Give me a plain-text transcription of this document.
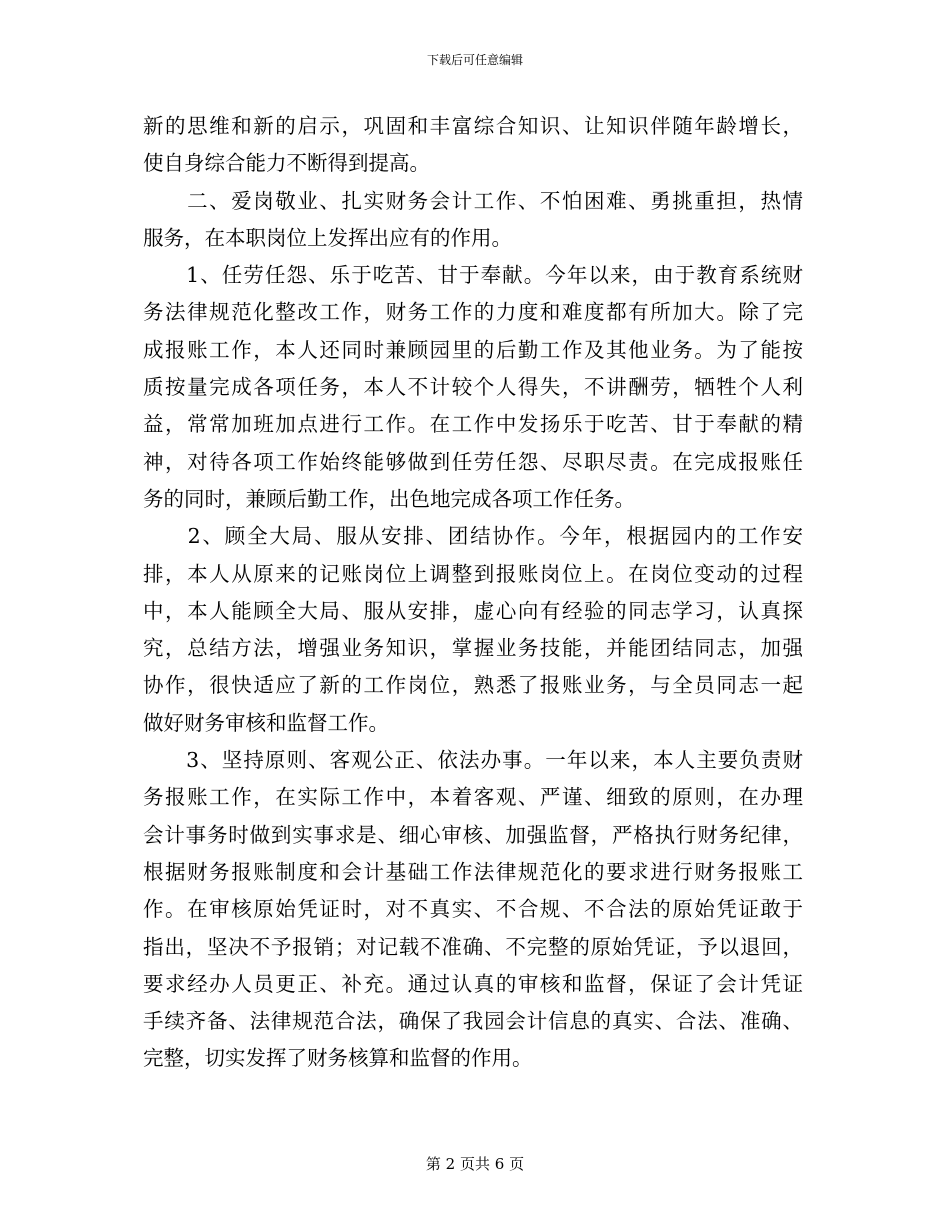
下载后可任意编辑
新的思维和新的启示，巩固和丰富综合知识、让知识伴随年龄增长，
使自身综合能力不断得到提高。
　　二、爱岗敬业、扎实财务会计工作、不怕困难、勇挑重担，热情
服务，在本职岗位上发挥出应有的作用。
　　1、任劳任怨、乐于吃苦、甘于奉献。今年以来，由于教育系统财
务法律规范化整改工作，财务工作的力度和难度都有所加大。除了完
成报账工作，本人还同时兼顾园里的后勤工作及其他业务。为了能按
质按量完成各项任务，本人不计较个人得失，不讲酬劳，牺牲个人利
益，常常加班加点进行工作。在工作中发扬乐于吃苦、甘于奉献的精
神，对待各项工作始终能够做到任劳任怨、尽职尽责。在完成报账任
务的同时，兼顾后勤工作，出色地完成各项工作任务。
　　2、顾全大局、服从安排、团结协作。今年，根据园内的工作安
排，本人从原来的记账岗位上调整到报账岗位上。在岗位变动的过程
中，本人能顾全大局、服从安排，虚心向有经验的同志学习，认真探
究，总结方法，增强业务知识，掌握业务技能，并能团结同志，加强
协作，很快适应了新的工作岗位，熟悉了报账业务，与全员同志一起
做好财务审核和监督工作。
　　3、坚持原则、客观公正、依法办事。一年以来，本人主要负责财
务报账工作，在实际工作中，本着客观、严谨、细致的原则，在办理
会计事务时做到实事求是、细心审核、加强监督，严格执行财务纪律，
根据财务报账制度和会计基础工作法律规范化的要求进行财务报账工
作。在审核原始凭证时，对不真实、不合规、不合法的原始凭证敢于
指出，坚决不予报销；对记载不准确、不完整的原始凭证，予以退回，
要求经办人员更正、补充。通过认真的审核和监督，保证了会计凭证
手续齐备、法律规范合法，确保了我园会计信息的真实、合法、准确、
完整，切实发挥了财务核算和监督的作用。
第 2 页共 6 页
